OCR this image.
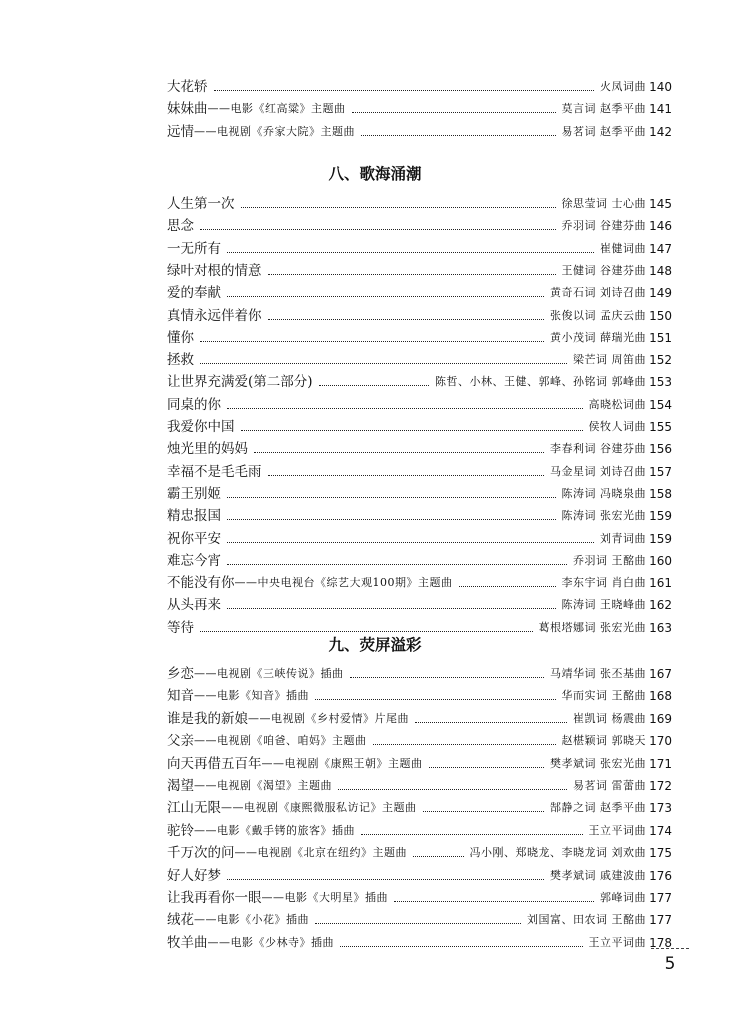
大花轿	火凤词曲 140
妹妹曲 ——电影《红高粱》主题曲	莫言词 赵季平曲 141
远情 ——电视剧《乔家大院》主题曲	易茗词 赵季平曲 142
八、歌海涌潮
人生第一次	徐思莹词 士心曲 145
思念	乔羽词 谷建芬曲 146
一无所有	崔健词曲 147
绿叶对根的情意	王健词 谷建芬曲 148
爱的奉献	黄奇石词 刘诗召曲 149
真情永远伴着你	张俊以词 孟庆云曲 150
懂你	黄小茂词 薛瑞光曲 151
拯救	梁芒词 周笛曲 152
让世界充满爱(第二部分)	陈哲、小林、王健、郭峰、孙铭词 郭峰曲 153
同桌的你	高晓松词曲 154
我爱你中国	侯牧人词曲 155
烛光里的妈妈	李春利词 谷建芬曲 156
幸福不是毛毛雨	马金星词 刘诗召曲 157
霸王别姬	陈涛词 冯晓泉曲 158
精忠报国	陈涛词 张宏光曲 159
祝你平安	刘青词曲 159
难忘今宵	乔羽词 王酩曲 160
不能没有你 ——中央电视台《综艺大观100期》主题曲	李东宇词 肖白曲 161
从头再来	陈涛词 王晓峰曲 162
等待	葛根塔娜词 张宏光曲 163
九、荧屏溢彩
乡恋 ——电视剧《三峡传说》插曲	马靖华词 张丕基曲 167
知音 ——电影《知音》插曲	华而实词 王酩曲 168
谁是我的新娘 ——电视剧《乡村爱情》片尾曲	崔凯词 杨震曲 169
父亲 ——电视剧《咱爸、咱妈》主题曲	赵椹颖词 郭晓天 170
向天再借五百年 ——电视剧《康熙王朝》主题曲	樊孝斌词 张宏光曲 171
渴望 ——电视剧《渴望》主题曲	易茗词 雷蕾曲 172
江山无限 ——电视剧《康熙微服私访记》主题曲	郜静之词 赵季平曲 173
驼铃 ——电影《戴手铐的旅客》插曲	王立平词曲 174
千万次的问 ——电视剧《北京在纽约》主题曲	冯小刚、郑晓龙、李晓龙词 刘欢曲 175
好人好梦	樊孝斌词 戚建波曲 176
让我再看你一眼 ——电影《大明星》插曲	郭峰词曲 177
绒花 ——电影《小花》插曲	刘国富、田农词 王酩曲 177
牧羊曲 ——电影《少林寺》插曲	王立平词曲 178
5
